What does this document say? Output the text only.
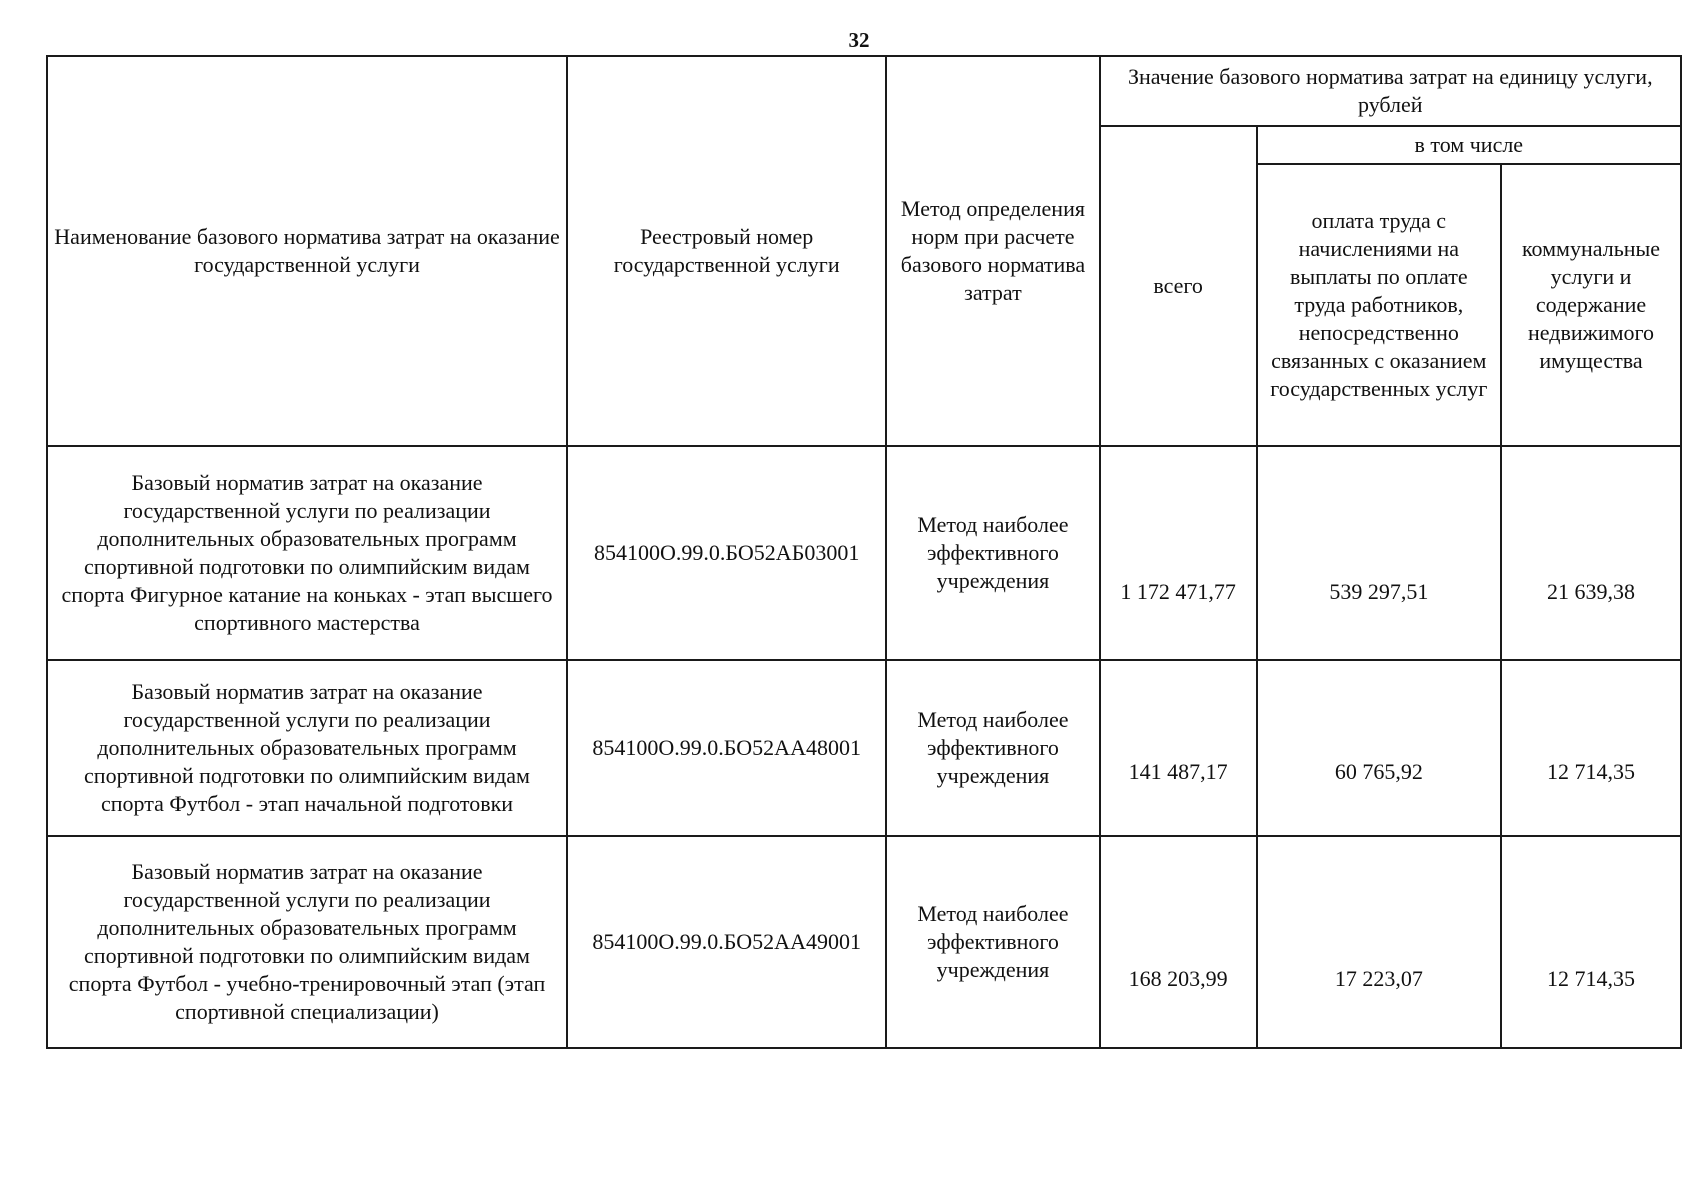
32
Наименование базового норматива затрат на оказание государственной услуги	Реестровый номер государственной услуги	Метод определения норм при расчете базового норматива затрат	Значение базового норматива затрат на единицу услуги, рублей		
			всего	в том числе	
				оплата труда с начислениями на выплаты по оплате труда работников, непосредственно связанных с оказанием государственных услуг	коммунальные услуги и содержание недвижимого имущества
Базовый норматив затрат на оказание государственной услуги по реализации дополнительных образовательных программ спортивной подготовки по олимпийским видам спорта Фигурное катание на коньках - этап высшего спортивного мастерства	854100О.99.0.БО52АБ03001	Метод наиболее эффективного учреждения	1 172 471,77	539 297,51	21 639,38
Базовый норматив затрат на оказание государственной услуги по реализации дополнительных образовательных программ спортивной подготовки по олимпийским видам спорта Футбол - этап начальной подготовки	854100О.99.0.БО52АА48001	Метод наиболее эффективного учреждения	141 487,17	60 765,92	12 714,35
Базовый норматив затрат на оказание государственной услуги по реализации дополнительных образовательных программ спортивной подготовки по олимпийским видам спорта Футбол - учебно-тренировочный этап (этап спортивной специализации)	854100О.99.0.БО52АА49001	Метод наиболее эффективного учреждения	168 203,99	17 223,07	12 714,35
